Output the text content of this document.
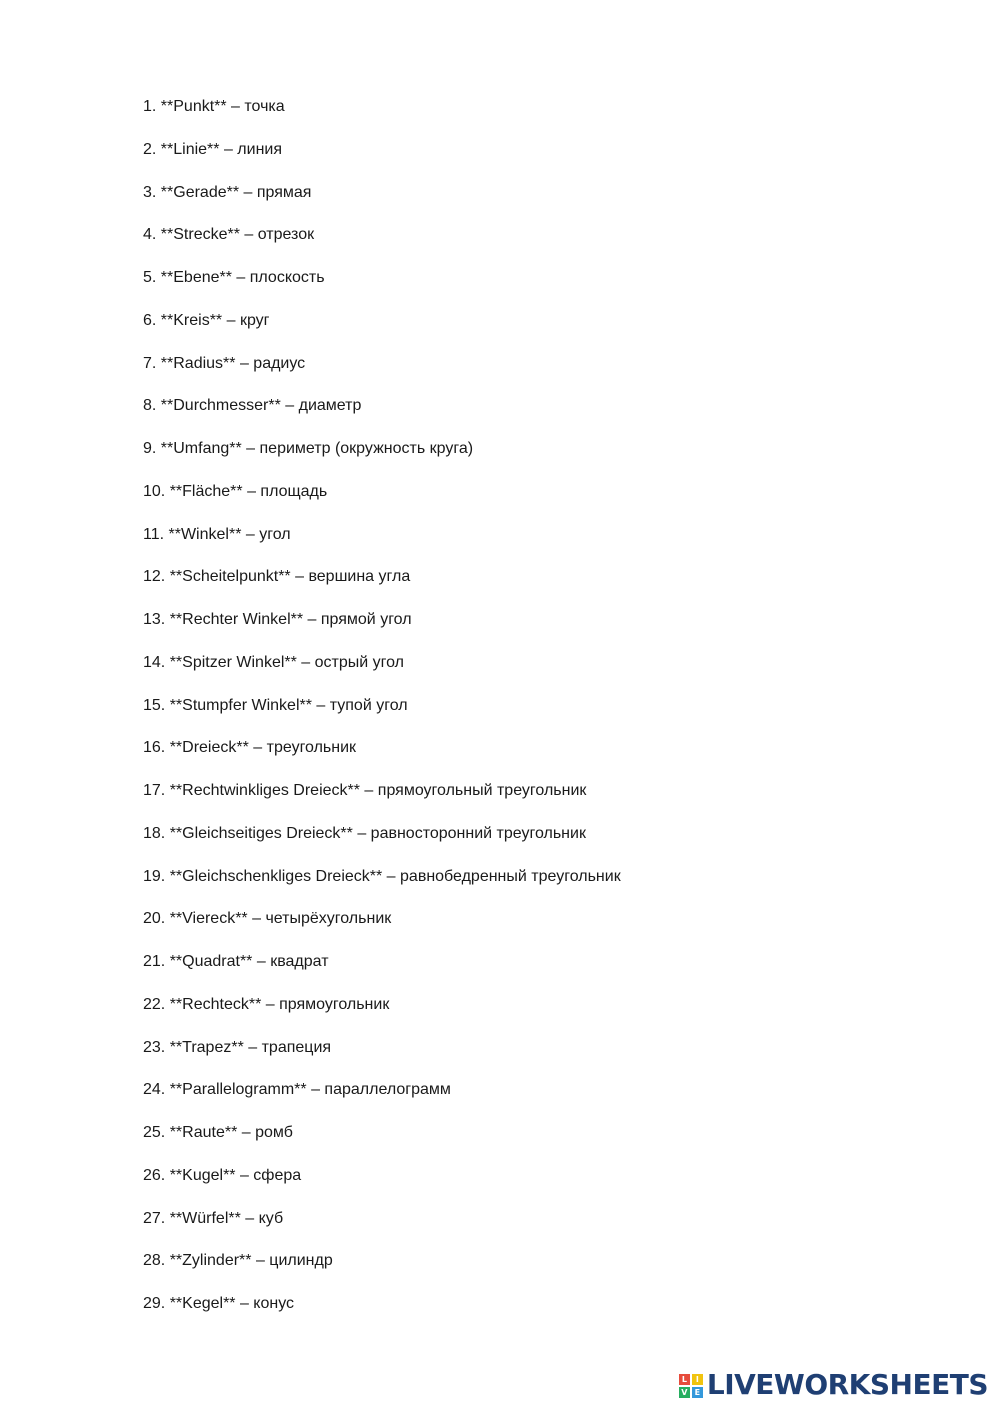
1. **Punkt** – точка
2. **Linie** – линия
3. **Gerade** – прямая
4. **Strecke** – отрезок
5. **Ebene** – плоскость
6. **Kreis** – круг
7. **Radius** – радиус
8. **Durchmesser** – диаметр
9. **Umfang** – периметр (окружность круга)
10. **Fläche** – площадь
11. **Winkel** – угол
12. **Scheitelpunkt** – вершина угла
13. **Rechter Winkel** – прямой угол
14. **Spitzer Winkel** – острый угол
15. **Stumpfer Winkel** – тупой угол
16. **Dreieck** – треугольник
17. **Rechtwinkliges Dreieck** – прямоугольный треугольник
18. **Gleichseitiges Dreieck** – равносторонний треугольник
19. **Gleichschenkliges Dreieck** – равнобедренный треугольник
20. **Viereck** – четырёхугольник
21. **Quadrat** – квадрат
22. **Rechteck** – прямоугольник
23. **Trapez** – трапеция
24. **Parallelogramm** – параллелограмм
25. **Raute** – ромб
26. **Kugel** – сфера
27. **Würfel** – куб
28. **Zylinder** – цилиндр
29. **Kegel** – конус
L	I
V E LIVEWORKSHEETS
